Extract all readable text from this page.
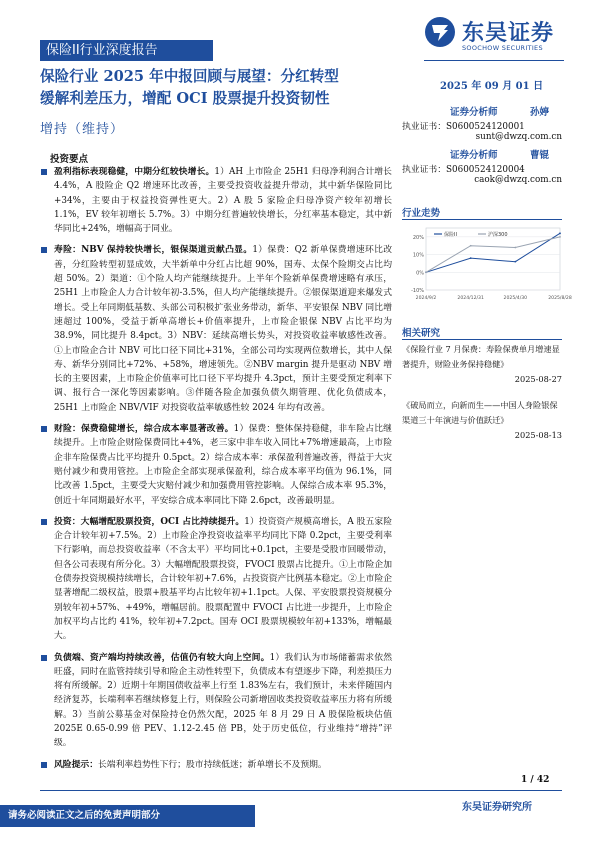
保险II行业深度报告
东吴证券
SOOCHOW SECURITIES
保险行业 2025 年中报回顾与展望：分红转型
缓解利差压力，增配 OCI 股票提升投资韧性
2025 年 09 月 01 日
增持（维持）
证券分析师	孙婷
执业证书：S0600524120001
sunt@dwzq.com.cn
证券分析师	曹锟
执业证书：S0600524120004
caok@dwzq.com.cn
投资要点
盈利指标表现稳健，中期分红较快增长。1）AH 上市险企 25H1 归母净利润合计增长 4.4%，A 股险企 Q2 增速环比改善，主要受投资收益提升带动，其中新华保险同比+34%，主要由于权益投资弹性更大。2）A 股 5 家险企归母净资产较年初增长 1.1%，EV 较年初增长 5.7%。3）中期分红普遍较快增长，分红率基本稳定，其中新华同比+24%，增幅高于同业。
寿险：NBV 保持较快增长，银保渠道贡献凸显。1）保费：Q2 新单保费增速环比改善，分红险转型初显成效，大半新单中分红占比超 90%，国寿、太保个险期交占比均超 50%。2）渠道：①个险人均产能继续提升。上半年个险新单保费增速略有承压，25H1 上市险企人力合计较年初-3.5%，但人均产能继续提升。②银保渠道迎来爆发式增长。受上年同期低基数、头部公司积极扩张业务带动，新华、平安银保 NBV 同比增速超过 100%，受益于新单高增长+价值率提升，上市险企银保 NBV 占比平均为 38.9%，同比提升 8.4pct。3）NBV：延续高增长势头，对投资收益率敏感性改善。①上市险企合计 NBV 可比口径下同比+31%，全部公司均实现两位数增长，其中人保寿、新华分别同比+72%、+58%，增速领先。②NBV margin 提升是驱动 NBV 增长的主要因素，上市险企价值率可比口径下平均提升 4.3pct，预计主要受预定利率下调、报行合一深化等因素影响。③伴随各险企加强负债久期管理、优化负债成本，25H1 上市险企 NBV/VIF 对投资收益率敏感性较 2024 年均有改善。
财险：保费稳健增长，综合成本率显著改善。1）保费：整体保持稳健，非车险占比继续提升。上市险企财险保费同比+4%，老三家中非车收入同比+7%增速最高，上市险企非车险保费占比平均提升 0.5pct。2）综合成本率：承保盈利普遍改善，得益于大灾赔付减少和费用管控。上市险企全部实现承保盈利，综合成本率平均值为 96.1%，同比改善 1.5pct，主要受大灾赔付减少和加强费用管控影响。人保综合成本率 95.3%，创近十年同期最好水平，平安综合成本率同比下降 2.6pct，改善最明显。
投资：大幅增配股票投资，OCI 占比持续提升。1）投资资产规模高增长，A 股五家险企合计较年初+7.5%。2）上市险企净投资收益率平均同比下降 0.2pct，主要受利率下行影响，而总投资收益率（不含太平）平均同比+0.1pct，主要是受股市回暖带动，但各公司表现有所分化。3）大幅增配股票投资，FVOCI 股票占比提升。①上市险企加仓债券投资规模持续增长，合计较年初+7.6%，占投资资产比例基本稳定。②上市险企显著增配二级权益，股票+股基平均占比较年初+1.1pct。人保、平安股票投资规模分别较年初+57%、+49%，增幅居前。股票配置中 FVOCI 占比进一步提升，上市险企加权平均占比约 41%，较年初+7.2pct。国寿 OCI 股票规模较年初+133%，增幅最大。
负债端、资产端均持续改善，估值仍有较大向上空间。1）我们认为市场储蓄需求依然旺盛，同时在监管持续引导和险企主动性转型下，负债成本有望逐步下降，利差损压力将有所缓解。2）近期十年期国债收益率上行至 1.83%左右，我们预计，未来伴随国内经济复苏，长端利率若继续修复上行，则保险公司新增固收类投资收益率压力将有所缓解。3）当前公募基金对保险持仓仍然欠配，2025 年 8 月 29 日 A 股保险板块估值 2025E 0.65-0.99 倍 PEV、1.12-2.45 倍 PB，处于历史低位，行业维持“增持”评级。
风险提示：长端利率趋势性下行；股市持续低迷；新单增长不及预期。
行业走势
20%
10%
0%
-10%
2024/9/2	2024/12/31	2025/4/30	2025/8/28
保险II	沪深300
相关研究
《保险行业 7 月保费：寿险保费单月增速显著提升，财险业务保持稳健》
2025-08-27
《破局而立，向新而生——中国人身险银保渠道三十年演进与价值跃迁》
2025-08-13
1 / 42
东吴证券研究所
请务必阅读正文之后的免责声明部分
